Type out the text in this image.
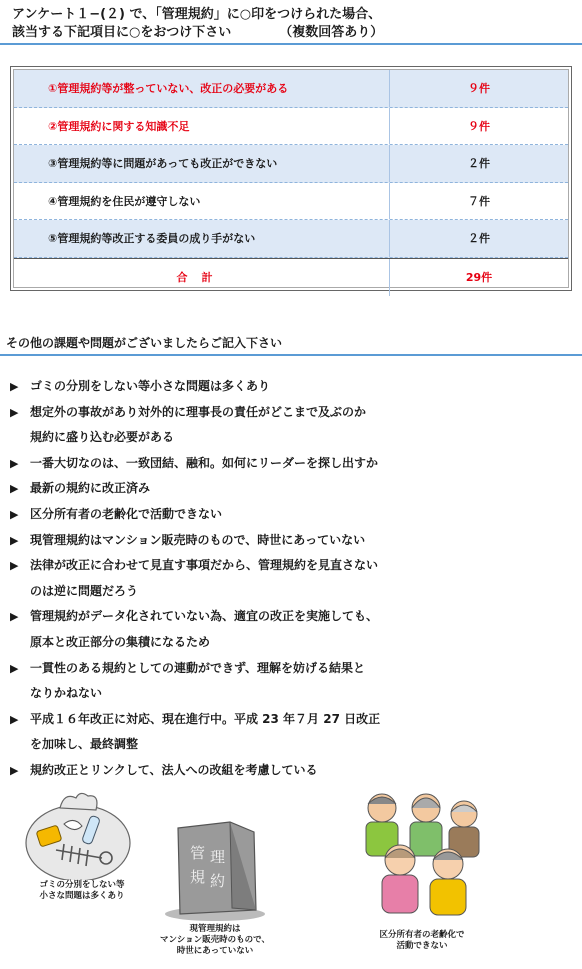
アンケート１−(２) で、「管理規約」に○印をつけられた場合、
該当する下記項目に○をおつけ下さい	（複数回答あり）
①管理規約等が整っていない、改正の必要がある	９件
②管理規約に関する知識不足	９件
③管理規約等に問題があっても改正ができない	２件
④管理規約を住民が遵守しない	７件
⑤管理規約等改正する委員の成り手がない	２件
合計	29件
その他の課題や問題がございましたらご記入下さい
▶ ゴミの分別をしない等小さな問題は多くあり
▶ 想定外の事故があり対外的に理事長の責任がどこまで及ぶのか
規約に盛り込む必要がある
▶ 一番大切なのは、一致団結、融和。如何にリーダーを探し出すか
▶ 最新の規約に改正済み
▶ 区分所有者の老齢化で活動できない
▶ 現管理規約はマンション販売時のもので、時世にあっていない
▶ 法律が改正に合わせて見直す事項だから、管理規約を見直さない
のは逆に問題だろう
▶ 管理規約がデータ化されていない為、適宜の改正を実施しても、
原本と改正部分の集積になるため
▶ 一貫性のある規約としての連動ができず、理解を妨げる結果と
なりかねない
▶ 平成１６年改正に対応、現在進行中。平成 23 年７月 27 日改正
を加味し、最終調整
▶ 規約改正とリンクして、法人への改組を考慮している
ゴミの分別をしない等
小さな問題は多くあり
管 理
規 約
現管理規約は
マンション販売時のもので、
時世にあっていない
区分所有者の老齢化で
活動できない
